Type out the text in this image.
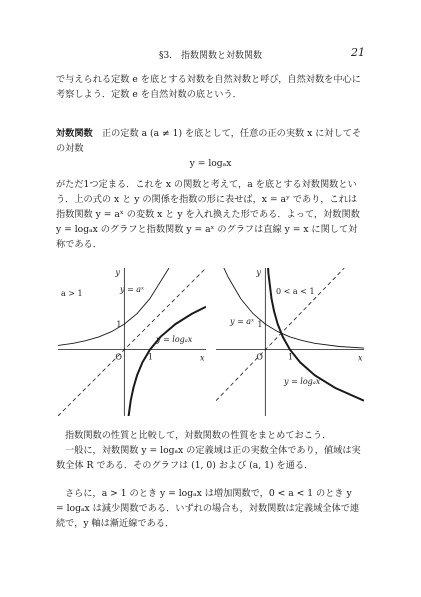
§3.　指数関数と対数関数	21
で与えられる定数 e を底とする対数を自然対数と呼び，自然対数を中心に考察しよう．定数 e を自然対数の底という．
対数関数　正の定数 a (a ≠ 1) を底として，任意の正の実数 x に対してその対数
y = logₐx
がただ1つ定まる．これを x の関数と考えて，a を底とする対数関数という．上の式の x と y の関係を指数の形に表せば，x = aʸ であり，これは指数関数 y = aˣ の変数 x と y を入れ換えた形である．よって，対数関数 y = logₐx のグラフと指数関数 y = aˣ のグラフは直線 y = x に関して対称である．
x
y
O	1
1
a > 1	y = aˣ
y = logₐx
x
y
O	1
1
0 < a < 1
y = aˣ
y = logₐx
指数関数の性質と比較して，対数関数の性質をまとめておこう．
一般に，対数関数 y = logₐx の定義域は正の実数全体であり，値域は実数全体 R である．そのグラフは (1, 0) および (a, 1) を通る．
さらに，a > 1 のとき y = logₐx は増加関数で，0 < a < 1 のとき y = logₐx は減少関数である．いずれの場合も，対数関数は定義域全体で連続で，y 軸は漸近線である．
